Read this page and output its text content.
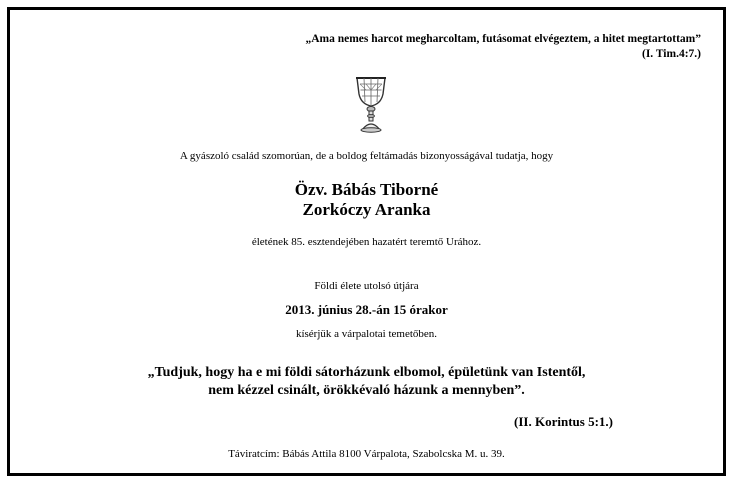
„Ama nemes harcot megharcoltam, futásomat elvégeztem, a hitet megtartottam”
(I. Tim.4:7.)
A gyászoló család szomorúan, de a boldog feltámadás bizonyosságával tudatja, hogy
Özv. Bábás Tiborné
Zorkóczy Aranka
életének 85. esztendejében hazatért teremtő Urához.
Földi élete utolsó útjára
2013. június 28.-án 15 órakor
kísérjük a várpalotai temetőben.
„Tudjuk, hogy ha e mi földi sátorházunk elbomol, épületünk van Istentől,
nem kézzel csinált, örökkévaló házunk a mennyben”.
(II. Korintus 5:1.)
Táviratcím: Bábás Attila 8100 Várpalota, Szabolcska M. u. 39.
